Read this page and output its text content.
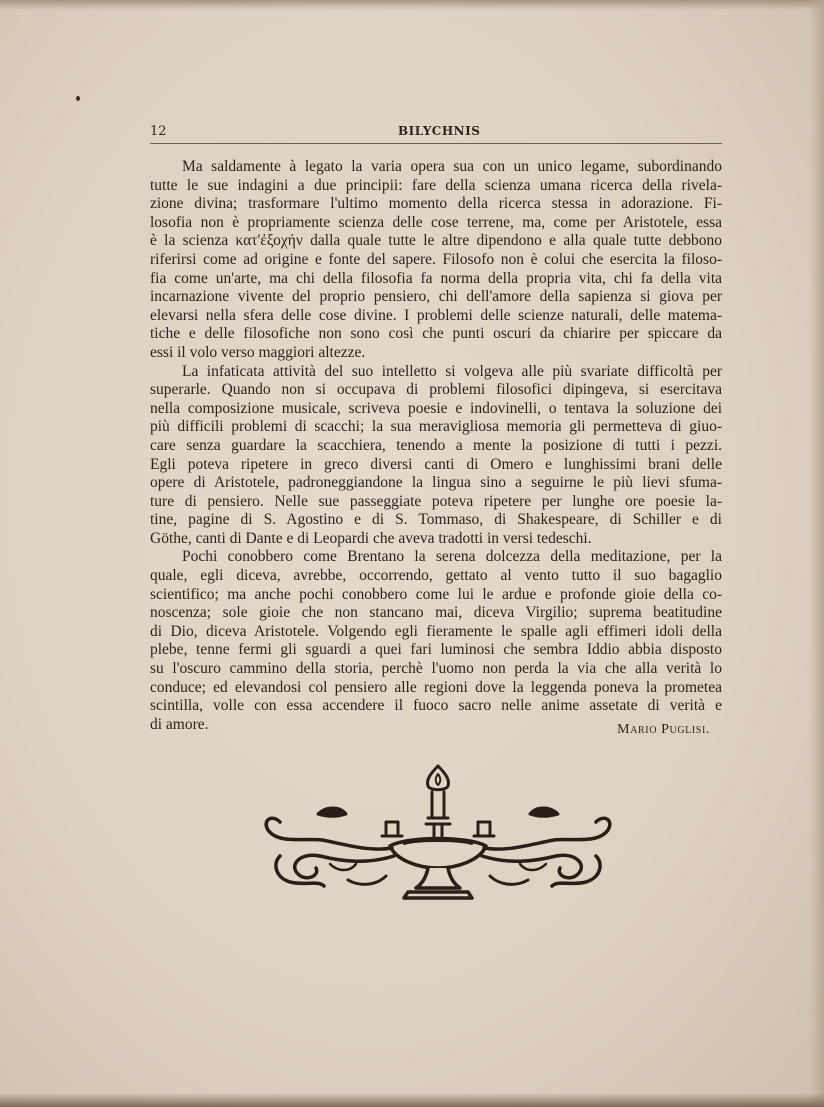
12	BILYCHNIS
Ma saldamente à legato la varia opera sua con un unico legame, subordinando
tutte le sue indagini a due principii: fare della scienza umana ricerca della rivela-
zione divina; trasformare l'ultimo momento della ricerca stessa in adorazione. Fi-
losofia non è propriamente scienza delle cose terrene, ma, come per Aristotele, essa
è la scienza κατ'ἐξοχήν dalla quale tutte le altre dipendono e alla quale tutte debbono
riferirsi come ad origine e fonte del sapere. Filosofo non è colui che esercita la filoso-
fia come un'arte, ma chi della filosofia fa norma della propria vita, chi fa della vita
incarnazione vivente del proprio pensiero, chi dell'amore della sapienza si giova per
elevarsi nella sfera delle cose divine. I problemi delle scienze naturali, delle matema-
tiche e delle filosofiche non sono così che punti oscuri da chiarire per spiccare da
essi il volo verso maggiori altezze.
La infaticata attività del suo intelletto si volgeva alle più svariate difficoltà per
superarle. Quando non si occupava di problemi filosofici dipingeva, si esercitava
nella composizione musicale, scriveva poesie e indovinelli, o tentava la soluzione dei
più difficili problemi di scacchi; la sua meravigliosa memoria gli permetteva di giuo-
care senza guardare la scacchiera, tenendo a mente la posizione di tutti i pezzi.
Egli poteva ripetere in greco diversi canti di Omero e lunghissimi brani delle
opere di Aristotele, padroneggiandone la lingua sino a seguirne le più lievi sfuma-
ture di pensiero. Nelle sue passeggiate poteva ripetere per lunghe ore poesie la-
tine, pagine di S. Agostino e di S. Tommaso, di Shakespeare, di Schiller e di
Göthe, canti di Dante e di Leopardi che aveva tradotti in versi tedeschi.
Pochi conobbero come Brentano la serena dolcezza della meditazione, per la
quale, egli diceva, avrebbe, occorrendo, gettato al vento tutto il suo bagaglio
scientifico; ma anche pochi conobbero come lui le ardue e profonde gioie della co-
noscenza; sole gioie che non stancano mai, diceva Virgilio; suprema beatitudine
di Dio, diceva Aristotele. Volgendo egli fieramente le spalle agli effimeri idoli della
plebe, tenne fermi gli sguardi a quei fari luminosi che sembra Iddio abbia disposto
su l'oscuro cammino della storia, perchè l'uomo non perda la via che alla verità lo
conduce; ed elevandosi col pensiero alle regioni dove la leggenda poneva la prometea
scintilla, volle con essa accendere il fuoco sacro nelle anime assetate di verità e
di amore.	Mario Puglisi.
